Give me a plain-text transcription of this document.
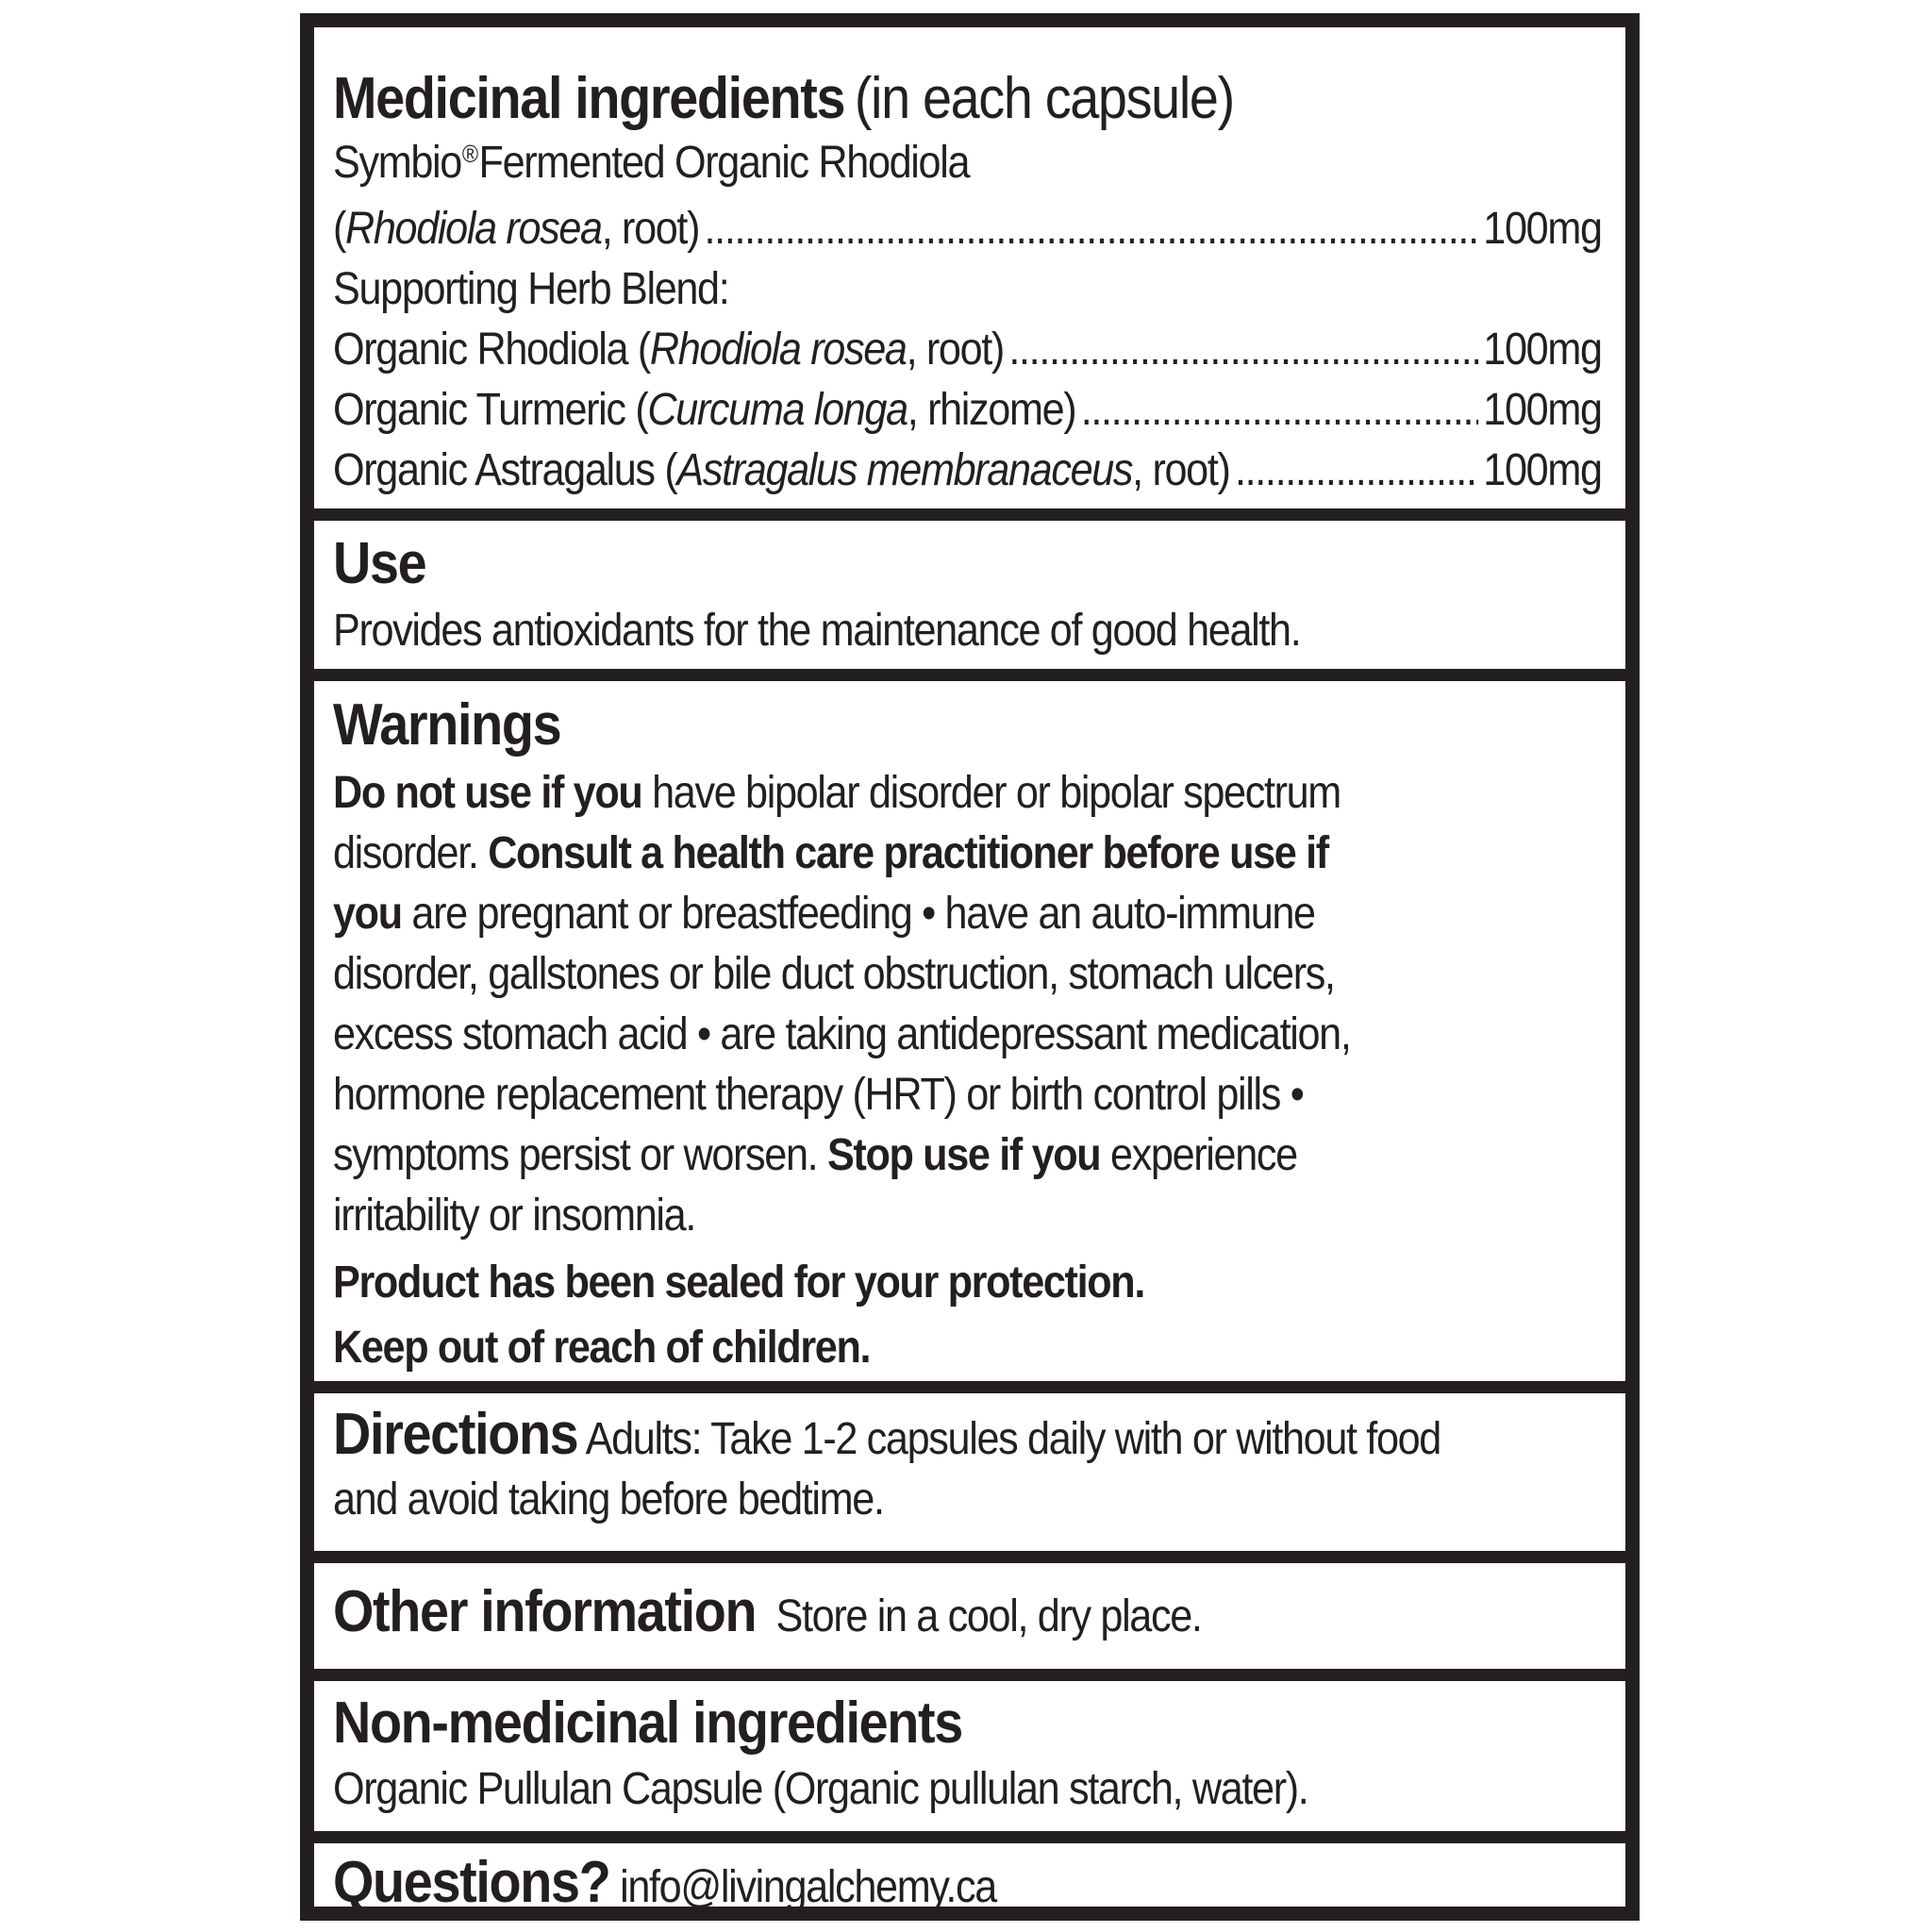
Medicinal ingredients (in each capsule)
Symbio®Fermented Organic Rhodiola
(Rhodiola rosea, root) .....	100mg
Supporting Herb Blend:
Organic Rhodiola (Rhodiola rosea, root) .....	100mg
Organic Turmeric (Curcuma longa, rhizome) .....	100mg
Organic Astragalus (Astragalus membranaceus, root) .....	100mg
Use
Provides antioxidants for the maintenance of good health.
Warnings
Do not use if you have bipolar disorder or bipolar spectrum
disorder. Consult a health care practitioner before use if
you are pregnant or breastfeeding • have an auto-immune
disorder, gallstones or bile duct obstruction, stomach ulcers,
excess stomach acid • are taking antidepressant medication,
hormone replacement therapy (HRT) or birth control pills •
symptoms persist or worsen. Stop use if you experience
irritability or insomnia.
Product has been sealed for your protection.
Keep out of reach of children.
Directions Adults: Take 1-2 capsules daily with or without food
and avoid taking before bedtime.
Other information Store in a cool, dry place.
Non-medicinal ingredients
Organic Pullulan Capsule (Organic pullulan starch, water).
Questions? info@livingalchemy.ca
